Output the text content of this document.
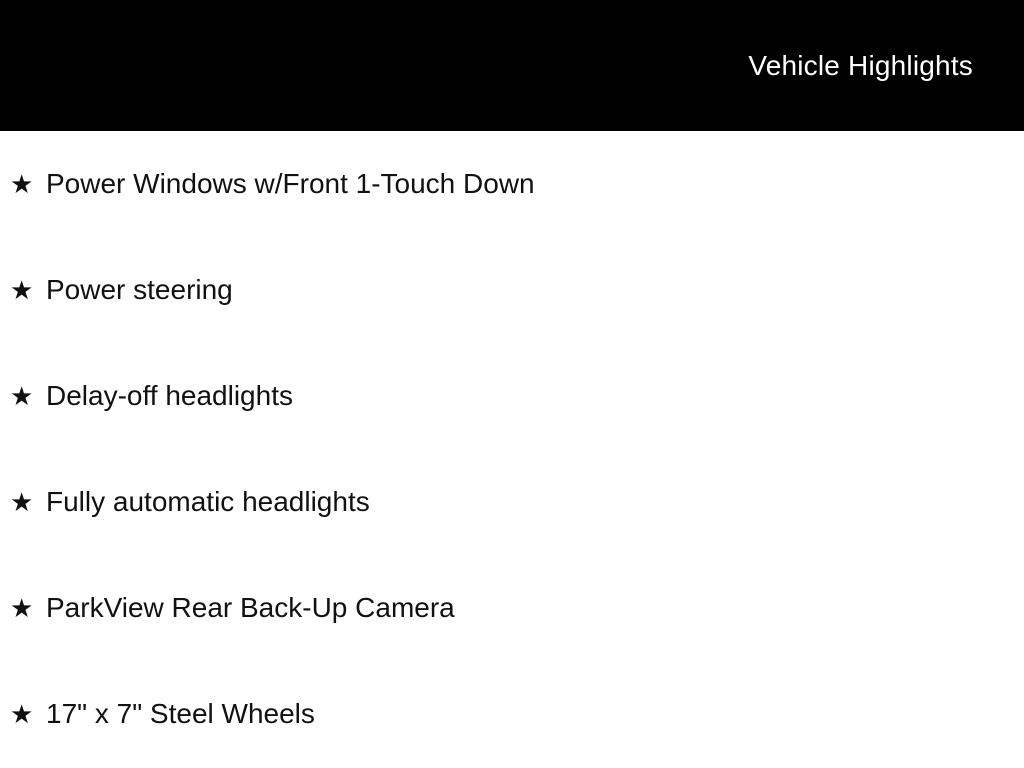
Vehicle Highlights
★ Power Windows w/Front 1-Touch Down
★ Power steering
★ Delay-off headlights
★ Fully automatic headlights
★ ParkView Rear Back-Up Camera
★ 17" x 7" Steel Wheels
